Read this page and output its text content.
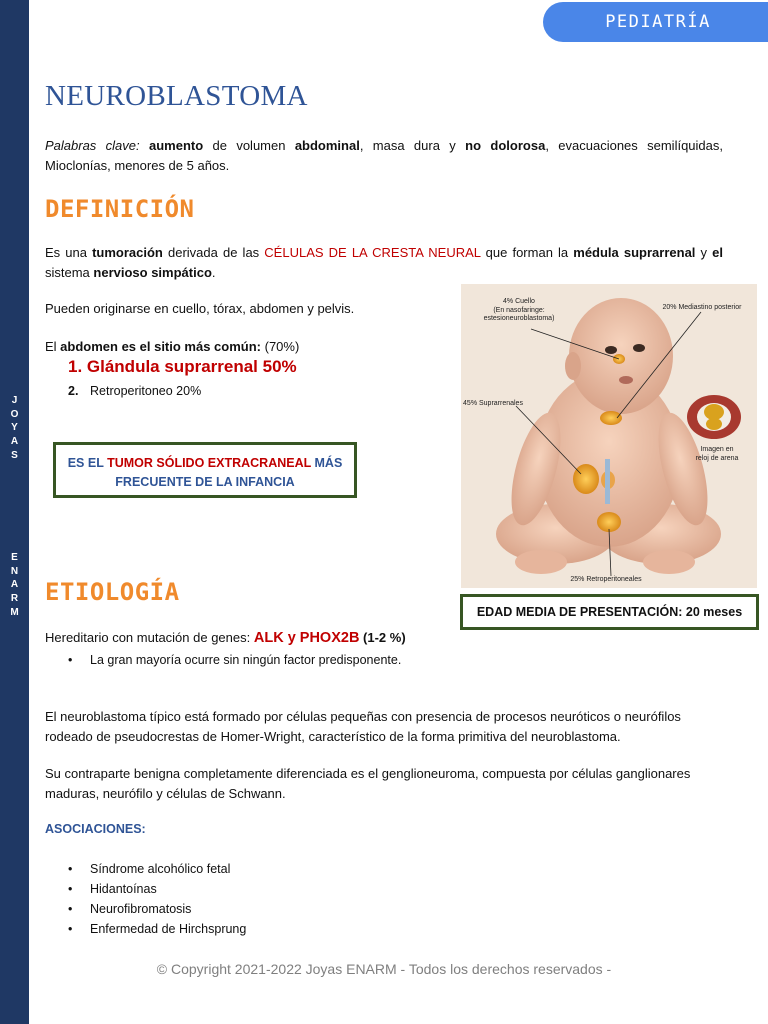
J
O
Y
A
S
E
N
A
R
M
PEDIATRÍA
NEUROBLASTOMA
Palabras clave: aumento de volumen abdominal, masa dura y no dolorosa, evacuaciones semilíquidas, Mioclonías, menores de 5 años.
DEFINICIÓN
Es una tumoración derivada de las CÉLULAS DE LA CRESTA NEURAL que forman la médula suprarrenal y el sistema nervioso simpático.
Pueden originarse en cuello, tórax, abdomen y pelvis.
El abdomen es el sitio más común: (70%)
1. Glándula suprarrenal 50%
2. Retroperitoneo 20%
ES EL TUMOR SÓLIDO EXTRACRANEAL MÁS
FRECUENTE DE LA INFANCIA
4% Cuello
(En nasofaringe:
estesioneuroblastoma)
20% Mediastino posterior
45% Suprarrenales
Imagen en
reloj de arena
25% Retroperitoneales
EDAD MEDIA DE PRESENTACIÓN: 20 meses
ETIOLOGÍA
Hereditario con mutación de genes: ALK y PHOX2B (1-2 %)
• La gran mayoría ocurre sin ningún factor predisponente.
El neuroblastoma típico está formado por células pequeñas con presencia de procesos neuróticos o neurófilos rodeado de pseudocrestas de Homer-Wright, característico de la forma primitiva del neuroblastoma.
Su contraparte benigna completamente diferenciada es el genglioneuroma, compuesta por células ganglionares maduras, neurófilo y células de Schwann.
ASOCIACIONES:
• Síndrome alcohólico fetal
• Hidantoínas
• Neurofibromatosis
• Enfermedad de Hirchsprung
© Copyright 2021-2022 Joyas ENARM - Todos los derechos reservados -
